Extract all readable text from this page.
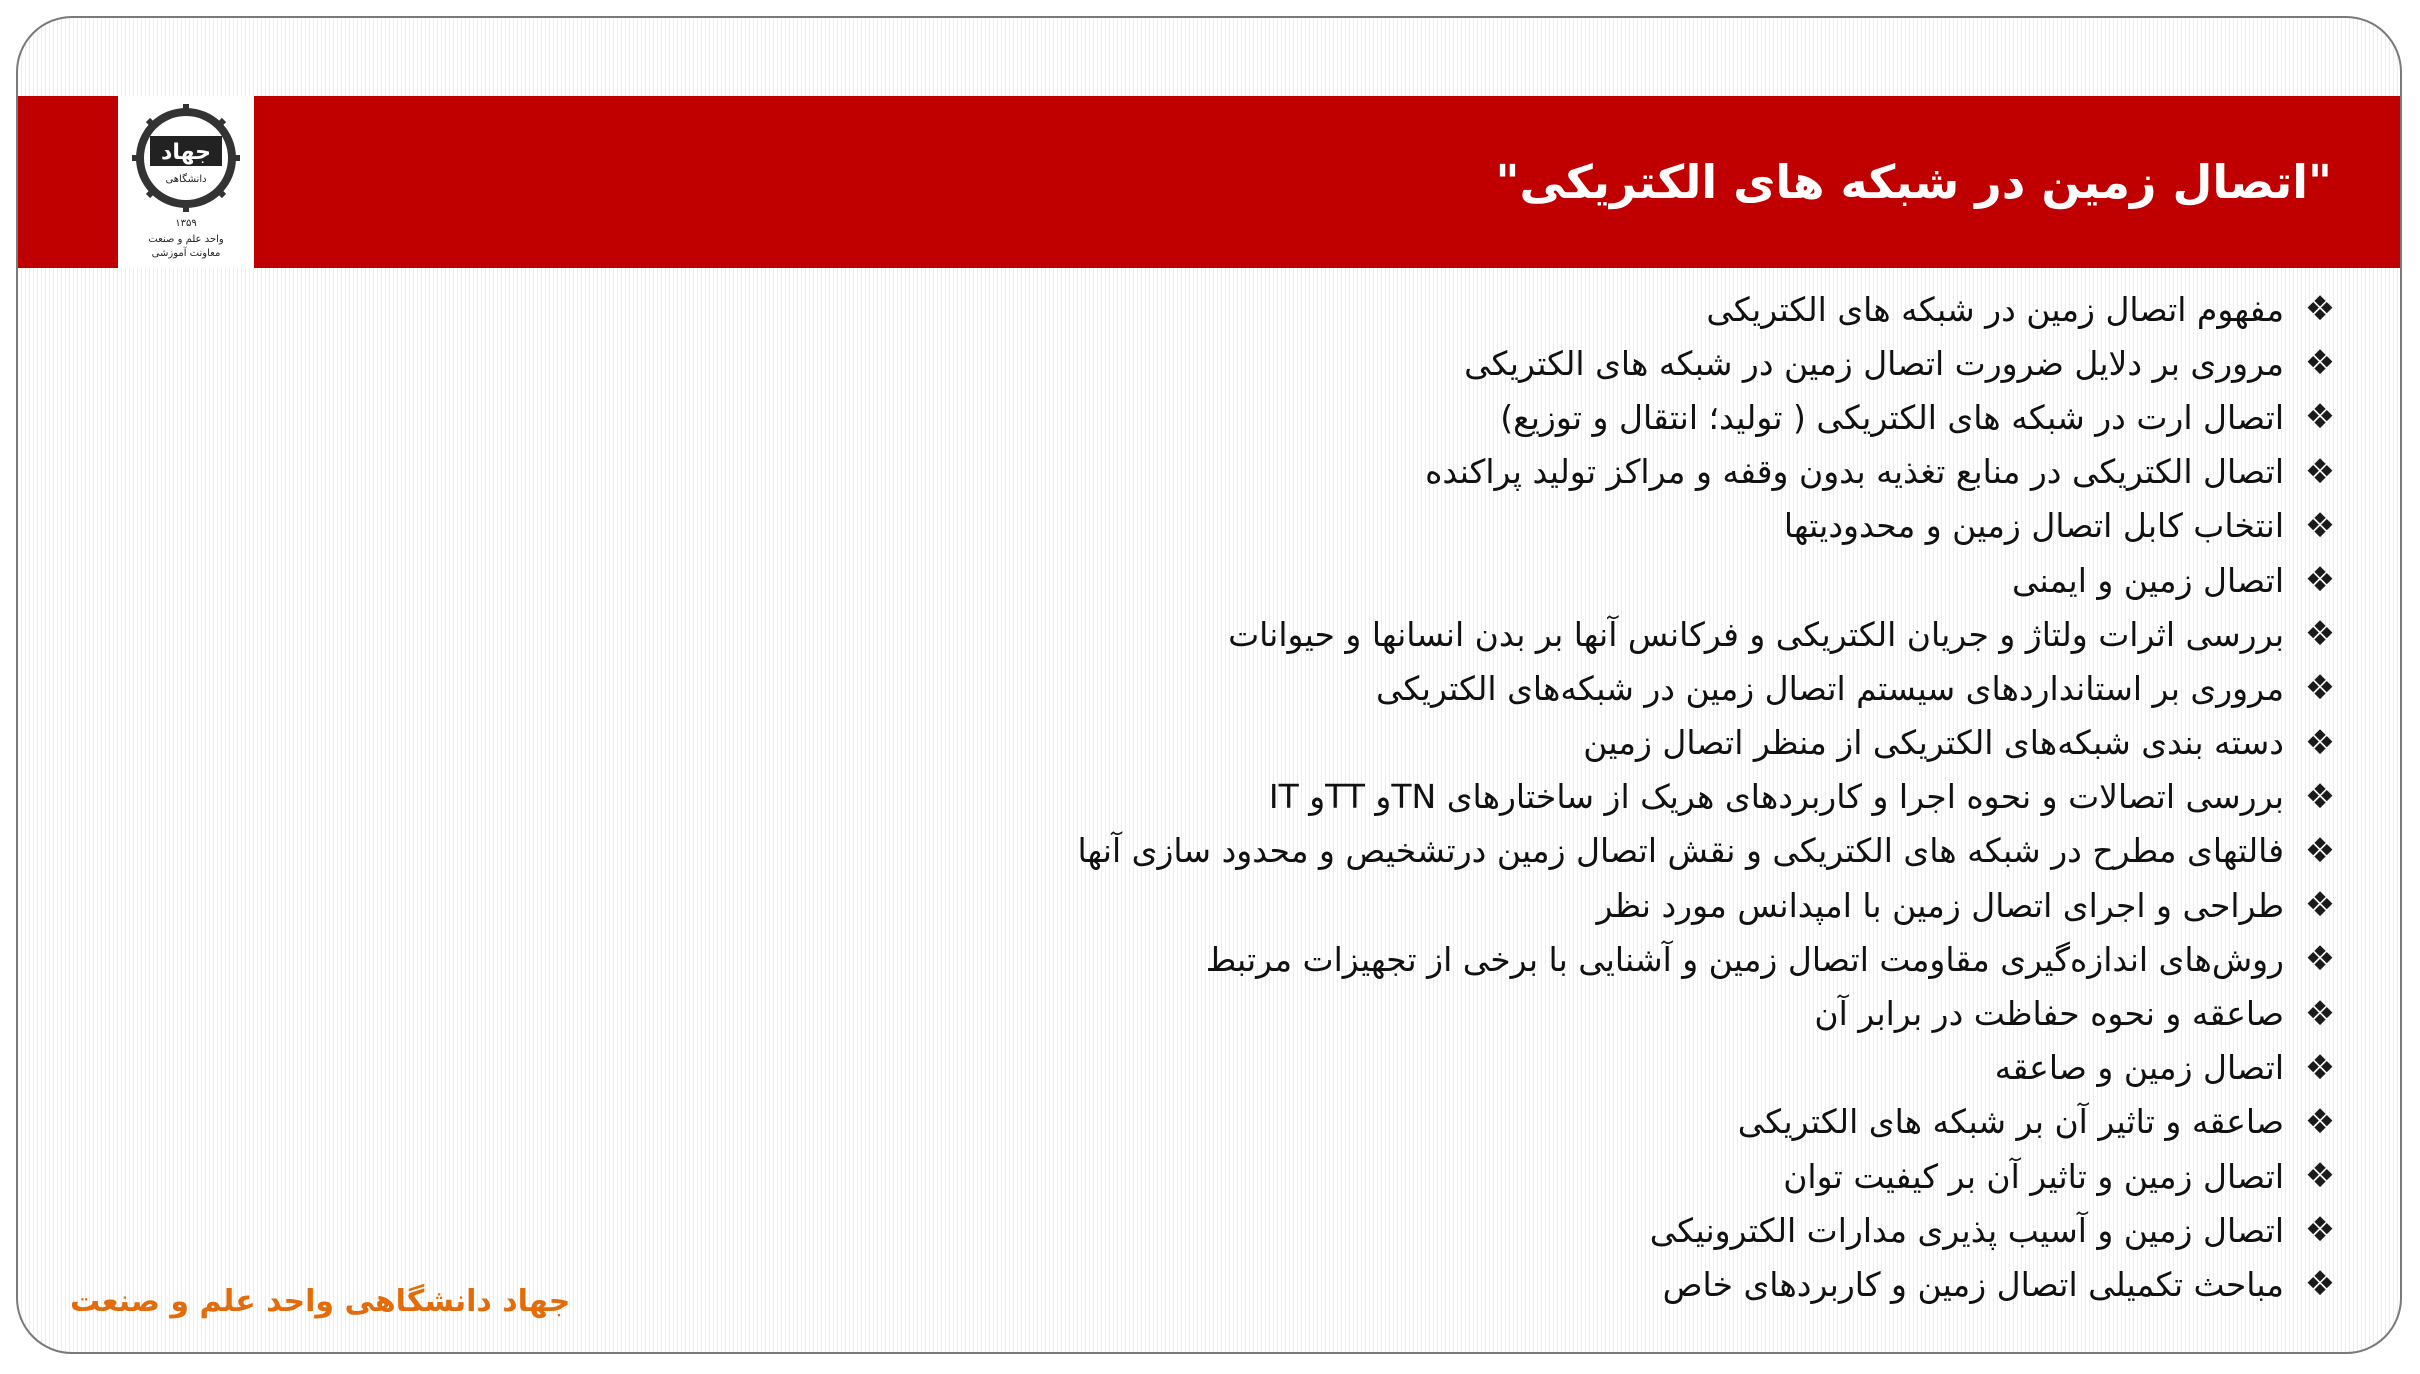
جهاد
دانشگاهی
۱۳۵۹
واحد علم و صنعت
معاونت آموزشی
"اتصال زمین در شبکه های الکتریکی"
❖
مفهوم اتصال زمین در شبکه های الکتریکی
❖
مروری بر دلایل ضرورت اتصال زمین در شبکه های الکتریکی
❖
اتصال ارت در شبکه های الکتریکی ( تولید؛ انتقال و توزیع)
❖
اتصال الکتریکی در منابع تغذیه بدون وقفه و مراکز تولید پراکنده
❖
انتخاب کابل اتصال زمین و محدودیتها
❖
اتصال زمین و ایمنی
❖
بررسی اثرات ولتاژ و جریان الکتریکی و فرکانس آنها بر بدن انسانها و حیوانات
❖
مروری بر استانداردهای سیستم اتصال زمین در شبکه‌های الکتریکی
❖
دسته بندی شبکه‌های الکتریکی از منظر اتصال زمین
❖
بررسی اتصالات و نحوه اجرا و کاربردهای هریک از ساختارهای TNو TTو IT
❖
فالتهای مطرح در شبکه های الکتریکی و نقش اتصال زمین درتشخیص و محدود سازی آنها
❖
طراحی و اجرای اتصال زمین با امپدانس مورد نظر
❖
روش‌های اندازه‌گیری مقاومت اتصال زمین و آشنایی با برخی از تجهیزات مرتبط
❖
صاعقه و نحوه حفاظت در برابر آن
❖
اتصال زمین و صاعقه
❖
صاعقه و تاثیر آن بر شبکه های الکتریکی
❖
اتصال زمین و تاثیر آن بر کیفیت توان
❖
اتصال زمین و آسیب پذیری مدارات الکترونیکی
❖
مباحث تکمیلی اتصال زمین و کاربردهای خاص
جهاد دانشگاهی واحد علم و صنعت
